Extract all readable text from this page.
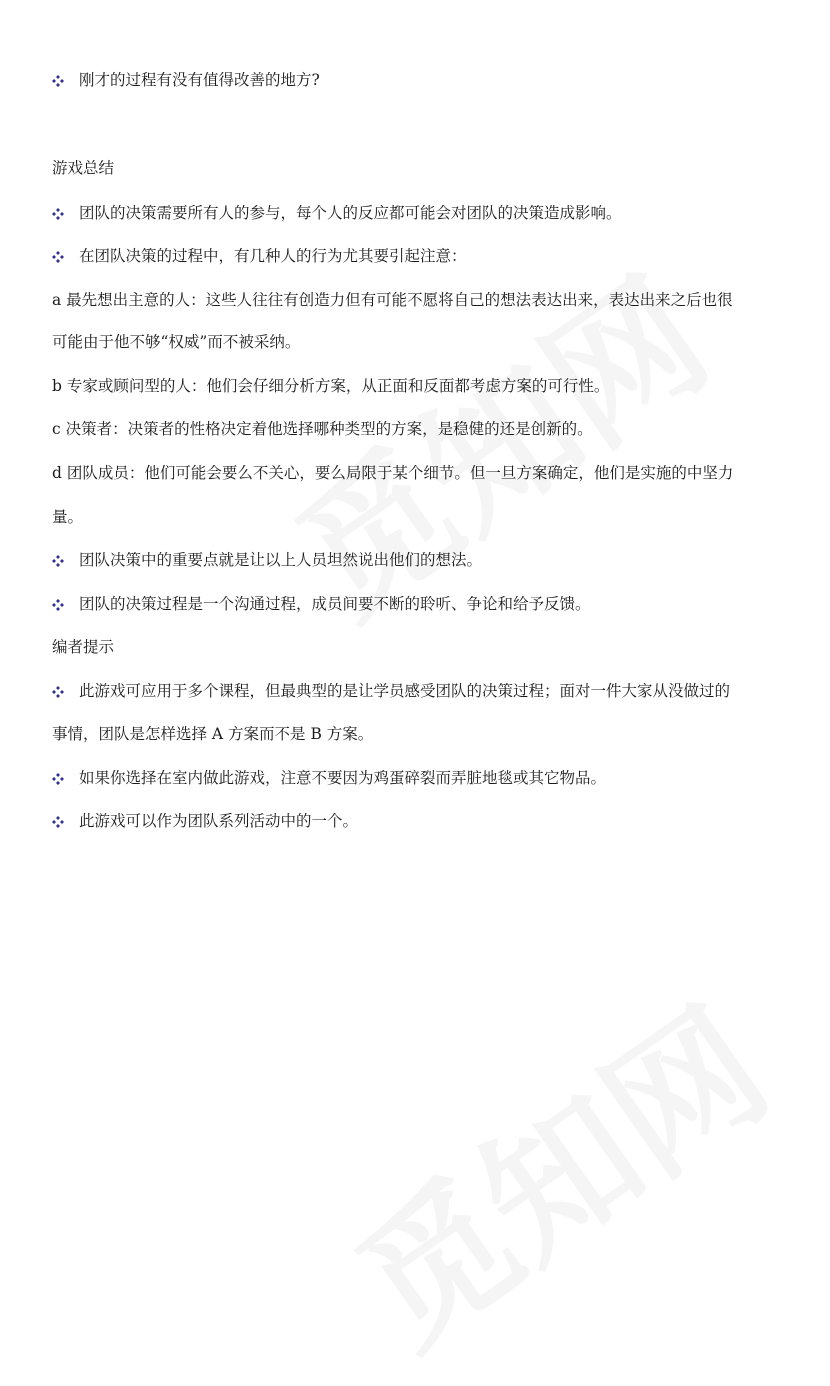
刚才的过程有没有值得改善的地方?
游戏总结
团队的决策需要所有人的参与，每个人的反应都可能会对团队的决策造成影响。
在团队决策的过程中，有几种人的行为尤其要引起注意：
a 最先想出主意的人：这些人往往有创造力但有可能不愿将自己的想法表达出来，表达出来之后也很
可能由于他不够“权威”而不被采纳。
b 专家或顾问型的人：他们会仔细分析方案，从正面和反面都考虑方案的可行性。
c 决策者：决策者的性格决定着他选择哪种类型的方案，是稳健的还是创新的。
d 团队成员：他们可能会要么不关心，要么局限于某个细节。但一旦方案确定，他们是实施的中坚力
量。
团队决策中的重要点就是让以上人员坦然说出他们的想法。
团队的决策过程是一个沟通过程，成员间要不断的聆听、争论和给予反馈。
编者提示
此游戏可应用于多个课程，但最典型的是让学员感受团队的决策过程；面对一件大家从没做过的
事情，团队是怎样选择 A 方案而不是 B 方案。
如果你选择在室内做此游戏，注意不要因为鸡蛋碎裂而弄脏地毯或其它物品。
此游戏可以作为团队系列活动中的一个。
